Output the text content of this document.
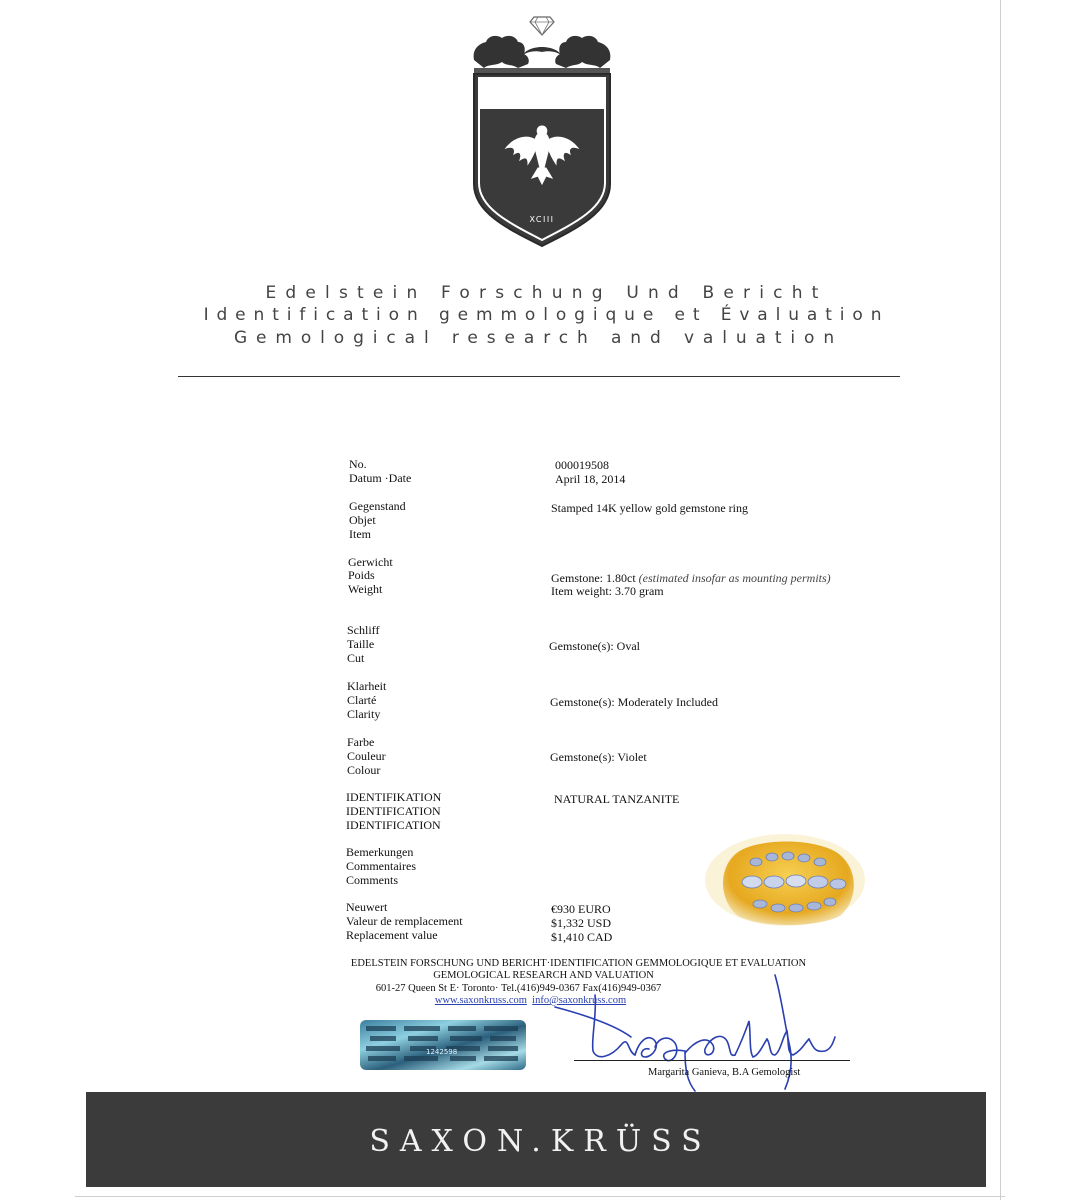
XCIII
Edelstein Forschung Und Bericht
Identification gemmologique et Évaluation
Gemological research and valuation
No.	000019508
Datum ·Date	April 18, 2014
Gegenstand
Objet
Item
Stamped 14K yellow gold gemstone ring
Gerwicht
Poids
Weight
Gemstone: 1.80ct (estimated insofar as mounting permits)
Item weight: 3.70 gram
Schliff
Taille
Cut
Gemstone(s): Oval
Klarheit
Clarté
Clarity
Gemstone(s): Moderately Included
Farbe
Couleur
Colour
Gemstone(s): Violet
IDENTIFIKATION
IDENTIFICATION
IDENTIFICATION
NATURAL TANZANITE
Bemerkungen
Commentaires
Comments
Neuwert
Valeur de remplacement
Replacement value
€930 EURO
$1,332 USD
$1,410 CAD
EDELSTEIN FORSCHUNG UND BERICHT·IDENTIFICATION GEMMOLOGIQUE ET EVALUATION
GEMOLOGICAL RESEARCH AND VALUATION
601-27 Queen St E· Toronto· Tel.(416)949-0367 Fax(416)949-0367
www.saxonkruss.com info@saxonkruss.com
1242598
Margarita Ganieva, B.A Gemologist
SAXON.KRÜSS
